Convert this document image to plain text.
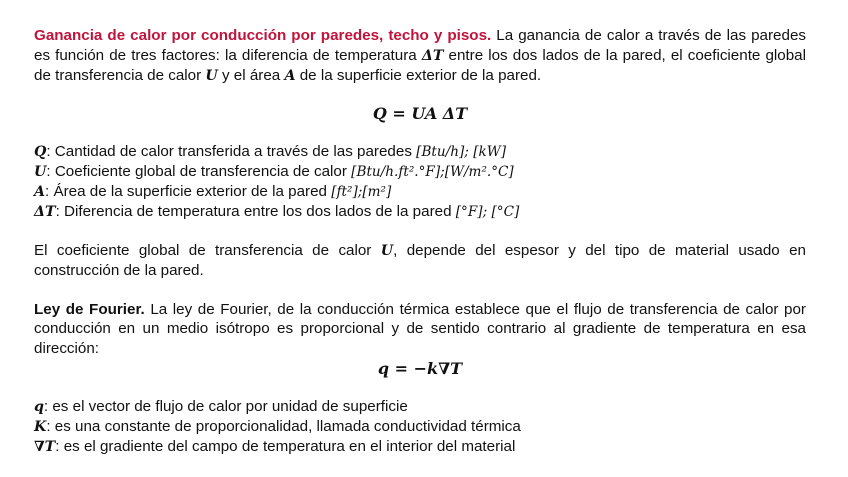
Ganancia de calor por conducción por paredes, techo y pisos. La ganancia de calor a través de las paredes es función de tres factores: la diferencia de temperatura ΔT entre los dos lados de la pared, el coeficiente global de transferencia de calor U y el área A de la superficie exterior de la pared.

Q = UA ΔT

Q: Cantidad de calor transferida a través de las paredes [Btu/h]; [kW]

U: Coeficiente global de transferencia de calor [Btu/h.ft².°F];[W/m².°C]

A: Área de la superficie exterior de la pared [ft²];[m²]

ΔT: Diferencia de temperatura entre los dos lados de la pared [°F]; [°C]

El coeficiente global de transferencia de calor U, depende del espesor y del tipo de material usado en construcción de la pared.

Ley de Fourier. La ley de Fourier, de la conducción térmica establece que el flujo de transferencia de calor por conducción en un medio isótropo es proporcional y de sentido contrario al gradiente de temperatura en esa dirección:

q = −k∇T

q: es el vector de flujo de calor por unidad de superficie

K: es una constante de proporcionalidad, llamada conductividad térmica

∇T: es el gradiente del campo de temperatura en el interior del material
